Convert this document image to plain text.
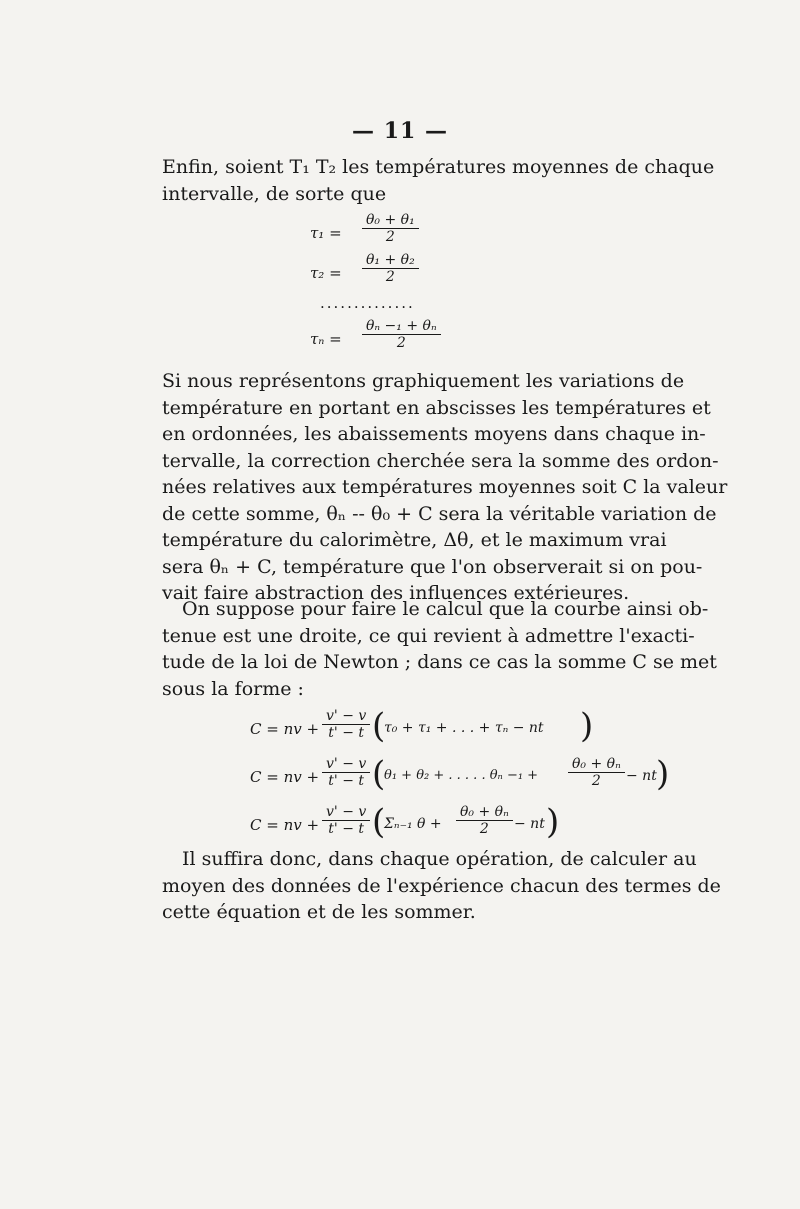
— 11 —
Enfin, soient T₁ T₂ les températures moyennes de chaque
intervalle, de sorte que
$\tau_1 = \frac{\text{θ₀ + θ₁}}{2}$
$\tau_2 = \frac{\text{θ₁ + θ₂}}{2}$
..............
$\tau_n = \frac{\text{θₙ −₁ + θₙ}}{2}$
Si nous représentons graphiquement les variations de
température en portant en abscisses les températures et
en ordonnées, les abaissements moyens dans chaque in-
tervalle, la correction cherchée sera la somme des ordon-
nées relatives aux températures moyennes soit C la valeur
de cette somme, θₙ -- θ₀ + C sera la véritable variation de
température du calorimètre, Δθ, et le maximum vrai
sera θₙ + C, température que l'on observerait si on pou-
vait faire abstraction des influences extérieures.
On suppose pour faire le calcul que la courbe ainsi ob-
tenue est une droite, ce qui revient à admettre l'exacti-
tude de la loi de Newton ; dans ce cas la somme C se met
sous la forme :
C = nv + $\frac{v' - v}{t' - t}$ (
τ₀ + τ₁ + . . . + τₙ − nt )
C = nv + $\frac{v' - v}{t' - t}$ (
θ₁ + θ₂ + . . . . . $\theta_n -_1 + \frac{\text{θ₀ + θₙ}}{2}$ − nt )
C = nv + $\frac{v' - v}{t' - t}$ (
Σₙ₋₁ $\theta + \frac{\text{θ₀ + θₙ}}{2}$ − nt )
Il suffira donc, dans chaque opération, de calculer au
moyen des données de l'expérience chacun des termes de
cette équation et de les sommer.
